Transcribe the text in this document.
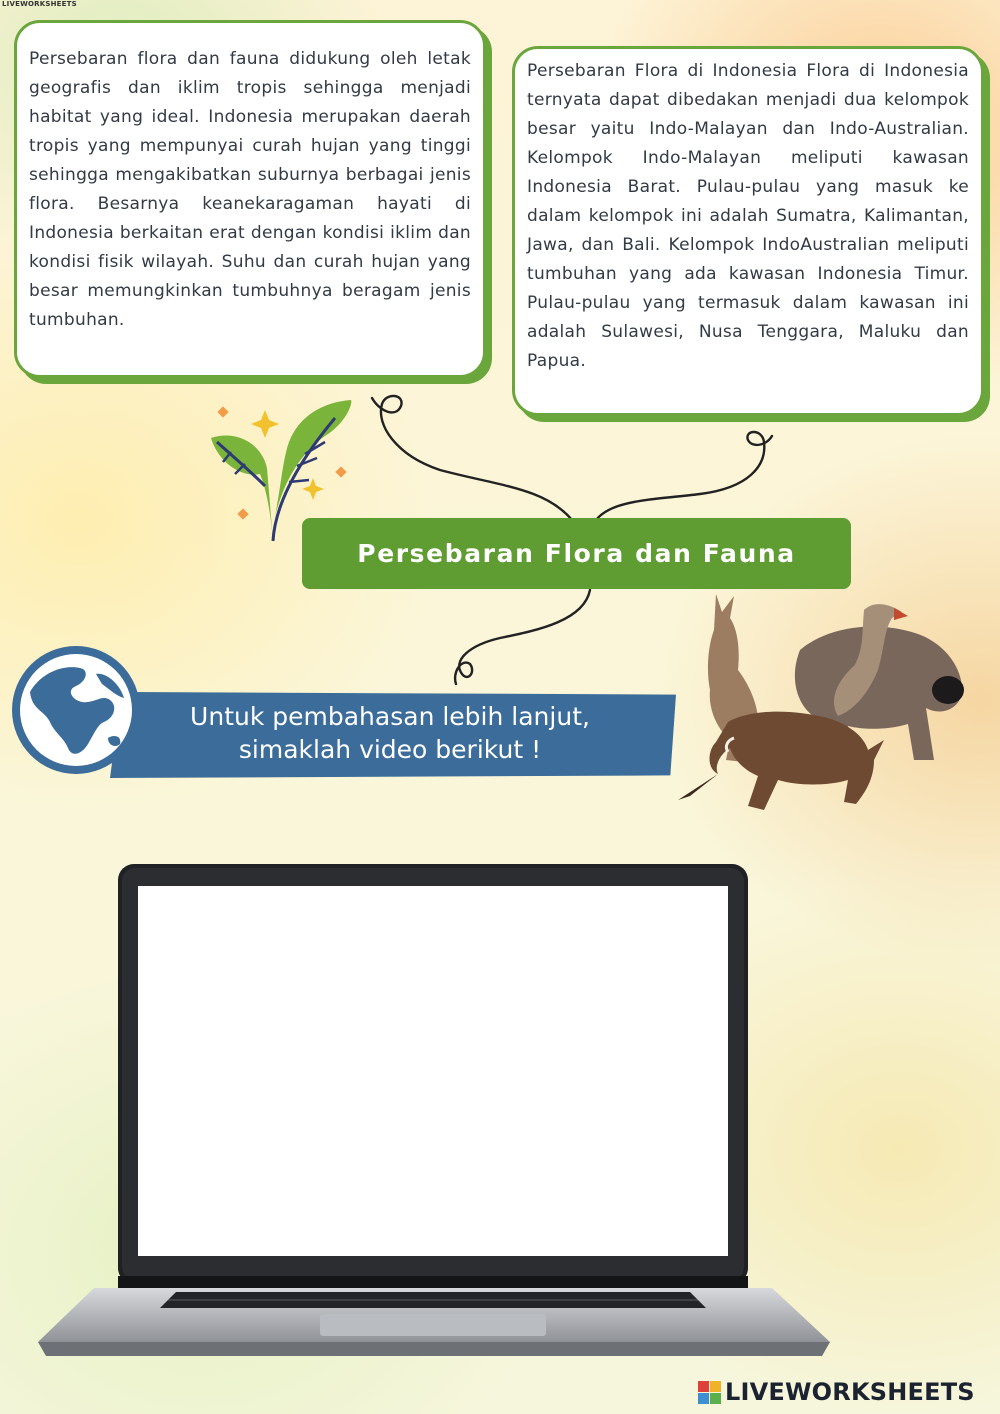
LIVEWORKSHEETS

Persebaran flora dan fauna didukung oleh letak geografis dan iklim tropis sehingga menjadi habitat yang ideal. Indonesia merupakan daerah tropis yang mempunyai curah hujan yang tinggi sehingga mengakibatkan suburnya berbagai jenis flora. Besarnya keanekaragaman hayati di Indonesia berkaitan erat dengan kondisi iklim dan kondisi fisik wilayah. Suhu dan curah hujan yang besar memungkinkan tumbuhnya beragam jenis tumbuhan.

Persebaran Flora di Indonesia Flora di Indonesia ternyata dapat dibedakan menjadi dua kelompok besar yaitu Indo-Malayan dan Indo-Australian. Kelompok Indo-Malayan meliputi kawasan Indonesia Barat. Pulau-pulau yang masuk ke dalam kelompok ini adalah Sumatra, Kalimantan, Jawa, dan Bali. Kelompok IndoAustralian meliputi tumbuhan yang ada kawasan Indonesia Timur. Pulau-pulau yang termasuk dalam kawasan ini adalah Sulawesi, Nusa Tenggara, Maluku dan Papua.

Persebaran Flora dan Fauna
Untuk pembahasan lebih lanjut,
simaklah video berikut !
LIVEWORKSHEETS
